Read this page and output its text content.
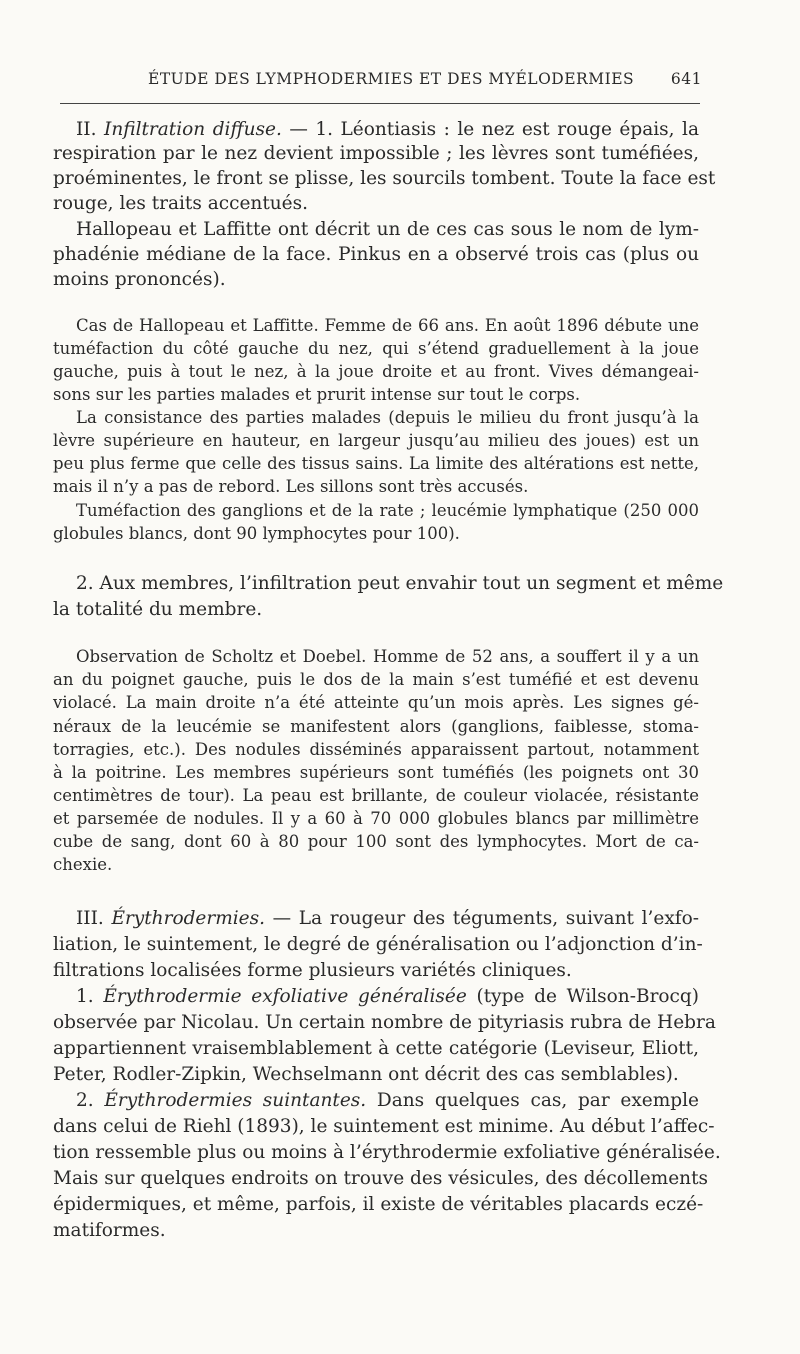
ÉTUDE DES LYMPHODERMIES ET DES MYÉLODERMIES 641
II. Infiltration diffuse. — 1. Léontiasis : le nez est rouge épais, la
respiration par le nez devient impossible ; les lèvres sont tuméfiées,
proéminentes, le front se plisse, les sourcils tombent. Toute la face est
rouge, les traits accentués.
Hallopeau et Laffitte ont décrit un de ces cas sous le nom de lym-
phadénie médiane de la face. Pinkus en a observé trois cas (plus ou
moins prononcés).
Cas de Hallopeau et Laffitte. Femme de 66 ans. En août 1896 débute une
tuméfaction du côté gauche du nez, qui s’étend graduellement à la joue
gauche, puis à tout le nez, à la joue droite et au front. Vives démangeai-
sons sur les parties malades et prurit intense sur tout le corps.
La consistance des parties malades (depuis le milieu du front jusqu’à la
lèvre supérieure en hauteur, en largeur jusqu’au milieu des joues) est un
peu plus ferme que celle des tissus sains. La limite des altérations est nette,
mais il n’y a pas de rebord. Les sillons sont très accusés.
Tuméfaction des ganglions et de la rate ; leucémie lymphatique (250 000
globules blancs, dont 90 lymphocytes pour 100).
2. Aux membres, l’infiltration peut envahir tout un segment et même
la totalité du membre.
Observation de Scholtz et Doebel. Homme de 52 ans, a souffert il y a un
an du poignet gauche, puis le dos de la main s’est tuméfié et est devenu
violacé. La main droite n’a été atteinte qu’un mois après. Les signes gé-
néraux de la leucémie se manifestent alors (ganglions, faiblesse, stoma-
torragies, etc.). Des nodules disséminés apparaissent partout, notamment
à la poitrine. Les membres supérieurs sont tuméfiés (les poignets ont 30
centimètres de tour). La peau est brillante, de couleur violacée, résistante
et parsemée de nodules. Il y a 60 à 70 000 globules blancs par millimètre
cube de sang, dont 60 à 80 pour 100 sont des lymphocytes. Mort de ca-
chexie.
III. Érythrodermies. — La rougeur des téguments, suivant l’exfo-
liation, le suintement, le degré de généralisation ou l’adjonction d’in-
filtrations localisées forme plusieurs variétés cliniques.
1. Érythrodermie exfoliative généralisée (type de Wilson-Brocq)
observée par Nicolau. Un certain nombre de pityriasis rubra de Hebra
appartiennent vraisemblablement à cette catégorie (Leviseur, Eliott,
Peter, Rodler-Zipkin, Wechselmann ont décrit des cas semblables).
2. Érythrodermies suintantes. Dans quelques cas, par exemple
dans celui de Riehl (1893), le suintement est minime. Au début l’affec-
tion ressemble plus ou moins à l’érythrodermie exfoliative généralisée.
Mais sur quelques endroits on trouve des vésicules, des décollements
épidermiques, et même, parfois, il existe de véritables placards eczé-
matiformes.
